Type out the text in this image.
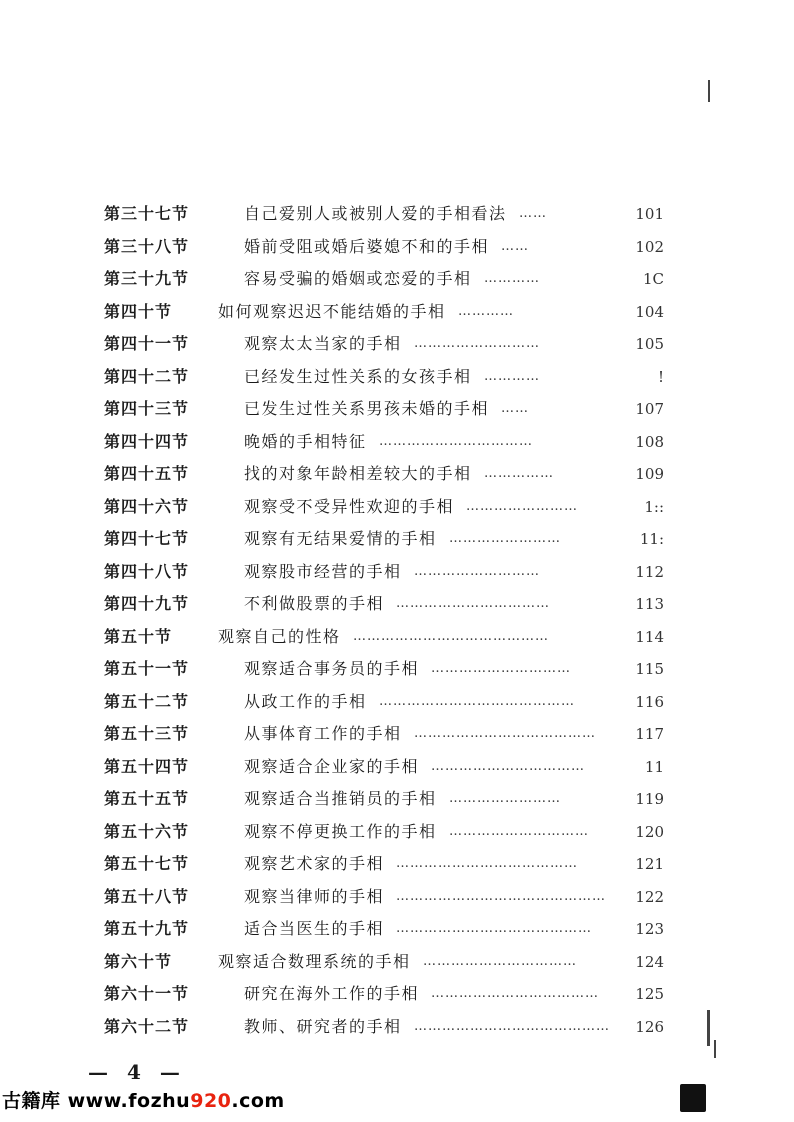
第三十七节	自己爱别人或被别人爱的手相看法 ……	101
第三十八节	婚前受阻或婚后婆媳不和的手相 ……	102
第三十九节	容易受骗的婚姻或恋爱的手相 …………	1C
第四十节	如何观察迟迟不能结婚的手相 …………	104
第四十一节	观察太太当家的手相 ………………………	105
第四十二节	已经发生过性关系的女孩手相 …………	!
第四十三节	已发生过性关系男孩未婚的手相 ……	107
第四十四节	晚婚的手相特征 ……………………………	108
第四十五节	找的对象年龄相差较大的手相 ……………	109
第四十六节	观察受不受异性欢迎的手相 ……………………	1::
第四十七节	观察有无结果爱情的手相 ……………………	11:
第四十八节	观察股市经营的手相 ………………………	112
第四十九节	不利做股票的手相 ……………………………	113
第五十节	观察自己的性格 ……………………………………	114
第五十一节	观察适合事务员的手相 …………………………	115
第五十二节	从政工作的手相 ……………………………………	116
第五十三节	从事体育工作的手相 …………………………………	117
第五十四节	观察适合企业家的手相 ……………………………	11
第五十五节	观察适合当推销员的手相 ……………………	119
第五十六节	观察不停更换工作的手相 …………………………	120
第五十七节	观察艺术家的手相 …………………………………	121
第五十八节	观察当律师的手相 ………………………………………	122
第五十九节	适合当医生的手相 ……………………………………	123
第六十节	观察适合数理系统的手相 ……………………………	124
第六十一节	研究在海外工作的手相 ………………………………	125
第六十二节	教师、研究者的手相 ……………………………………	126
— 4 —
古籍库 www.fozhu920.com
